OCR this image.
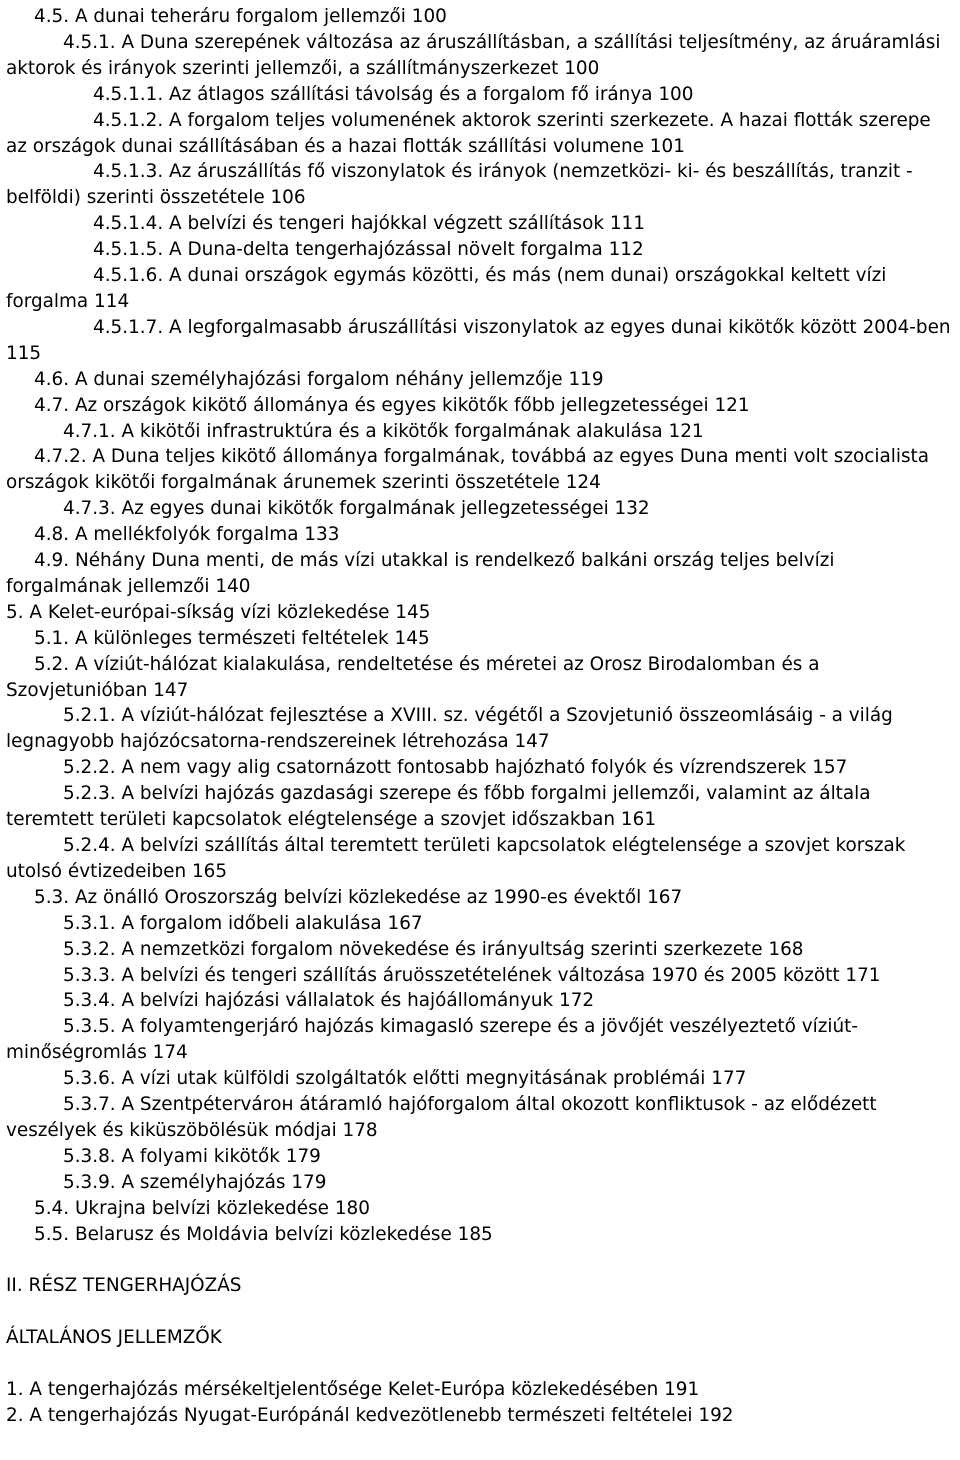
4.5. A dunai teheráru forgalom jellemzői 100

4.5.1. A Duna szerepének változása az áruszállításban, a szállítási teljesítmény, az áruáramlási aktorok és irányok szerinti jellemzői, a szállítmányszerkezet 100

4.5.1.1. Az átlagos szállítási távolság és a forgalom fő iránya 100

4.5.1.2. A forgalom teljes volumenének aktorok szerinti szerkezete. A hazai flották szerepe az országok dunai szállításában és a hazai flották szállítási volumene 101

4.5.1.3. Az áruszállítás fő viszonylatok és irányok (nemzetközi- ki- és beszállítás, tranzit - belföldi) szerinti összetétele 106

4.5.1.4. A belvízi és tengeri hajókkal végzett szállítások 111

4.5.1.5. A Duna-delta tengerhajózással növelt forgalma 112

4.5.1.6. A dunai országok egymás közötti, és más (nem dunai) országokkal keltett vízi forgalma 114

4.5.1.7. A legforgalmasabb áruszállítási viszonylatok az egyes dunai kikötők között 2004-ben 115

4.6. A dunai személyhajózási forgalom néhány jellemzője 119

4.7. Az országok kikötő állománya és egyes kikötők főbb jellegzetességei 121

4.7.1. A kikötői infrastruktúra és a kikötők forgalmának alakulása 121

4.7.2. A Duna teljes kikötő állománya forgalmának, továbbá az egyes Duna menti volt szocialista országok kikötői forgalmának árunemek szerinti összetétele 124

4.7.3. Az egyes dunai kikötők forgalmának jellegzetességei 132

4.8. A mellékfolyók forgalma 133

4.9. Néhány Duna menti, de más vízi utakkal is rendelkező balkáni ország teljes belvízi forgalmának jellemzői 140

5. A Kelet-európai-síkság vízi közlekedése 145

5.1. A különleges természeti feltételek 145

5.2. A víziút-hálózat kialakulása, rendeltetése és méretei az Orosz Birodalomban és a Szovjetunióban 147

5.2.1. A víziút-hálózat fejlesztése a XVIII. sz. végétől a Szovjetunió összeomlásáig - a világ legnagyobb hajózócsatorna-rendszereinek létrehozása 147

5.2.2. A nem vagy alig csatornázott fontosabb hajózható folyók és vízrendszerek 157

5.2.3. A belvízi hajózás gazdasági szerepe és főbb forgalmi jellemzői, valamint az általa teremtett területi kapcsolatok elégtelensége a szovjet időszakban 161

5.2.4. A belvízi szállítás által teremtett területi kapcsolatok elégtelensége a szovjet korszak utolsó évtizedeiben 165

5.3. Az önálló Oroszország belvízi közlekedése az 1990-es évektől 167

5.3.1. A forgalom időbeli alakulása 167

5.3.2. A nemzetközi forgalom növekedése és irányultság szerinti szerkezete 168

5.3.3. A belvízi és tengeri szállítás áruösszetételének változása 1970 és 2005 között 171

5.3.4. A belvízi hajózási vállalatok és hajóállományuk 172

5.3.5. A folyamtengerjáró hajózás kimagasló szerepe és a jövőjét veszélyeztető víziút-minőségromlás 174

5.3.6. A vízi utak külföldi szolgáltatók előtti megnyitásának problémái 177

5.3.7. A Szentpétervárон átáramló hajóforgalom által okozott konfliktusok - az elődézett veszélyek és kiküszöbölésük módjai 178

5.3.8. A folyami kikötők 179

5.3.9. A személyhajózás 179

5.4. Ukrajna belvízi közlekedése 180

5.5. Belarusz és Moldávia belvízi közlekedése 185

II. RÉSZ TENGERHAJÓZÁS

ÁLTALÁNOS JELLEMZŐK

1. A tengerhajózás mérsékeltjelentősége Kelet-Európa közlekedésében 191

2. A tengerhajózás Nyugat-Európánál kedvezötlenebb természeti feltételei 192
